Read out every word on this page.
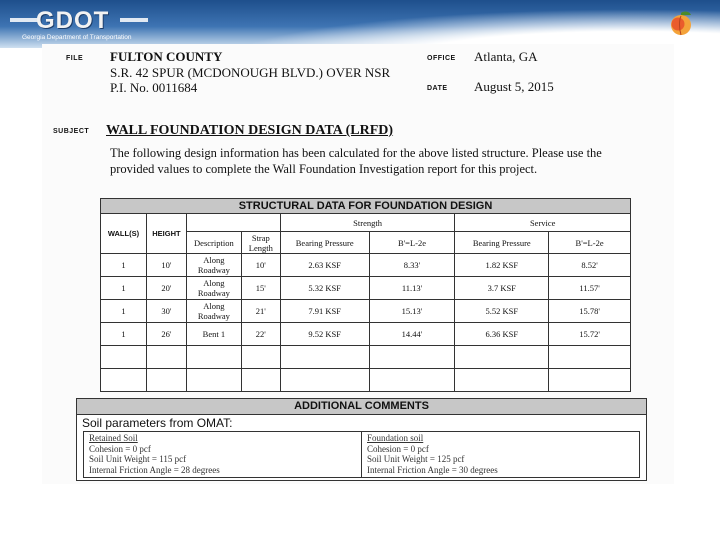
GDOT
Georgia Department of Transportation
FILE FULTON COUNTY
S.R. 42 SPUR (MCDONOUGH BLVD.) OVER NSR
P.I. No. 0011684
OFFICE Atlanta, GA
DATE August 5, 2015
SUBJECT WALL FOUNDATION DESIGN DATA (LRFD)
The following design information has been calculated for the above listed structure. Please use the provided values to complete the Wall Foundation Investigation report for this project.
STRUCTURAL DATA FOR FOUNDATION DESIGN							
WALL(S)	HEIGHT			Strength		Service	
		Description	Strap Length	Bearing Pressure	B'=L-2e	Bearing Pressure	B'=L-2e
1	10'	Along Roadway	10'	2.63 KSF	8.33'	1.82 KSF	8.52'
1	20'	Along Roadway	15'	5.32 KSF	11.13'	3.7 KSF	11.57'
1	30'	Along Roadway	21'	7.91 KSF	15.13'	5.52 KSF	15.78'
1	26'	Bent 1	22'	9.52 KSF	14.44'	6.36 KSF	15.72'

ADDITIONAL COMMENTS
Soil parameters from OMAT:
Retained Soil
Cohesion = 0 pcf
Soil Unit Weight = 115 pcf
Internal Friction Angle = 28 degrees
Foundation soil
Cohesion = 0 pcf
Soil Unit Weight = 125 pcf
Internal Friction Angle = 30 degrees
